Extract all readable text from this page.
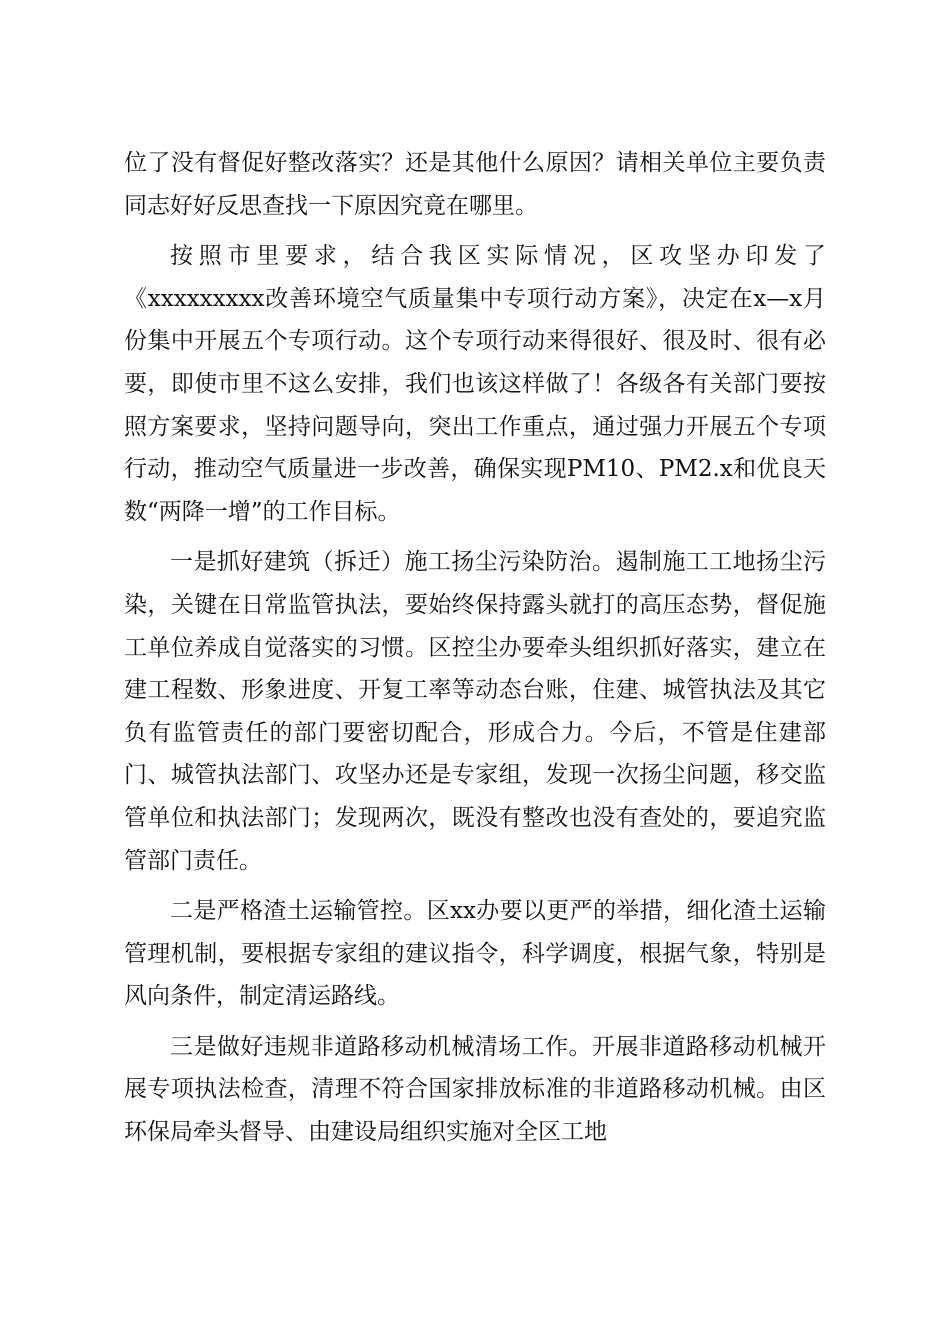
位了没有督促好整改落实？还是其他什么原因？请相关单位主要负责同志好好反思查找一下原因究竟在哪里。

按照市里要求，结合我区实际情况，区攻坚办印发了《xxxxxxxxx改善环境空气质量集中专项行动方案》，决定在x—x月份集中开展五个专项行动。这个专项行动来得很好、很及时、很有必要，即使市里不这么安排，我们也该这样做了！各级各有关部门要按照方案要求，坚持问题导向，突出工作重点，通过强力开展五个专项行动，推动空气质量进一步改善，确保实现PM10、PM2.x和优良天数“两降一增”的工作目标。

一是抓好建筑（拆迁）施工扬尘污染防治。遏制施工工地扬尘污染，关键在日常监管执法，要始终保持露头就打的高压态势，督促施工单位养成自觉落实的习惯。区控尘办要牵头组织抓好落实，建立在建工程数、形象进度、开复工率等动态台账，住建、城管执法及其它负有监管责任的部门要密切配合，形成合力。今后，不管是住建部门、城管执法部门、攻坚办还是专家组，发现一次扬尘问题，移交监管单位和执法部门；发现两次，既没有整改也没有查处的，要追究监管部门责任。

二是严格渣土运输管控。区xx办要以更严的举措，细化渣土运输管理机制，要根据专家组的建议指令，科学调度，根据气象，特别是风向条件，制定清运路线。

三是做好违规非道路移动机械清场工作。开展非道路移动机械开展专项执法检查，清理不符合国家排放标准的非道路移动机械。由区环保局牵头督导、由建设局组织实施对全区工地
